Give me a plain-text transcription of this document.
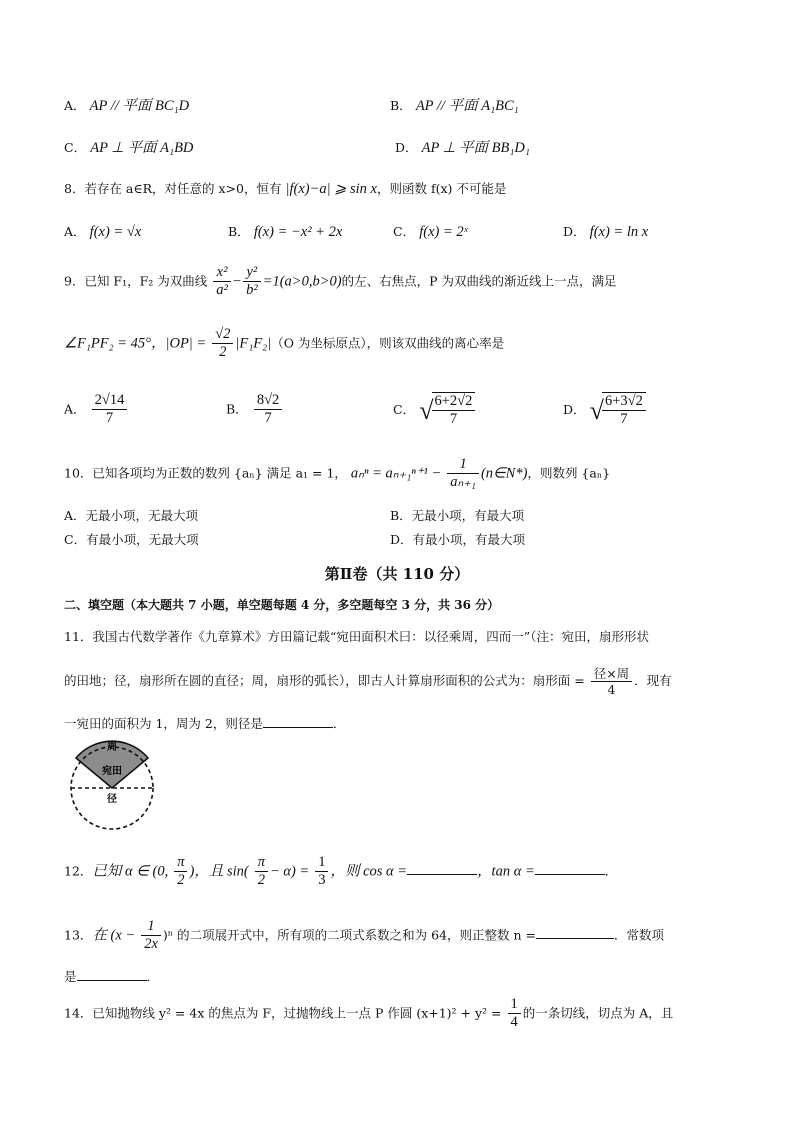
A． AP // 平面 BC₁D	B． AP // 平面 A₁BC₁
C． AP ⊥ 平面 A₁BD	D． AP ⊥ 平面 BB₁D₁
8．若存在 a∈R，对任意的 x>0，恒有 |f(x)−a| ⩾ sin x，则函数 f(x) 不可能是
A． f(x) = √x	B． f(x) = −x² + 2x	C． f(x) = 2ˣ	D． f(x) = ln x
9．已知 F₁，F₂ 为双曲线 $\frac{\text{x²}}{\text{a²}} - \frac{\text{y²}}{\text{b²}} =1(a>0,b>0)$的左、右焦点，P 为双曲线的渐近线上一点，满足
∠F₁PF₂ = 45°，$|OP| = \frac{√2}{2} |F_1F_2|(O$ 为坐标原点），则该双曲线的离心率是
A． $\frac{2√14}{7}$	B． $\frac{8√2}{7}$	C． √
$\frac{6+2√2}{7}$	D． √
$\frac{6+3√2}{7}$
10．已知各项均为正数的数列 {aₙ} 满足 a₁ = 1， $a_n^n = a_{n+1}^{n+1} - \frac{1}{\text{aₙ₊₁}}$ (n∈N*)，则数列 {aₙ}
A．无最小项，无最大项	B．无最小项，有最大项
C．有最小项，无最大项	D．有最小项，有最大项
第Ⅱ卷（共 110 分）
二、填空题（本大题共 7 小题，单空题每题 4 分，多空题每空 3 分，共 36 分）
11．我国古代数学著作《九章算术》方田篇记载“宛田面积术曰：以径乘周，四而一”（注：宛田，扇形形状
的田地；径，扇形所在圆的直径；周，扇形的弧长），即古人计算扇形面积的公式为：扇形面 = $\frac{\text{径×周}}{4}$ ．现有
一宛田的面积为 1，周为 2，则径是	．
周
宛田
径
12．已知 α ∈ (0, $\frac{\pi}{2}$ )，且 $\sin( \frac{\pi}{2} - \alpha) = \frac{1}{3}$ ，则 cos α =	，tan α =	．
13．在 $(x - \frac{1}{2x} )^n$ 的二项展开式中，所有项的二项式系数之和为 64，则正整数 n =	．常数项
是	．
14．已知抛物线 y² = 4x 的焦点为 F，过抛物线上一点 P 作圆 $(x+1)^2 + y^2 = \frac{1}{4}$ 的一条切线，切点为 A，且
